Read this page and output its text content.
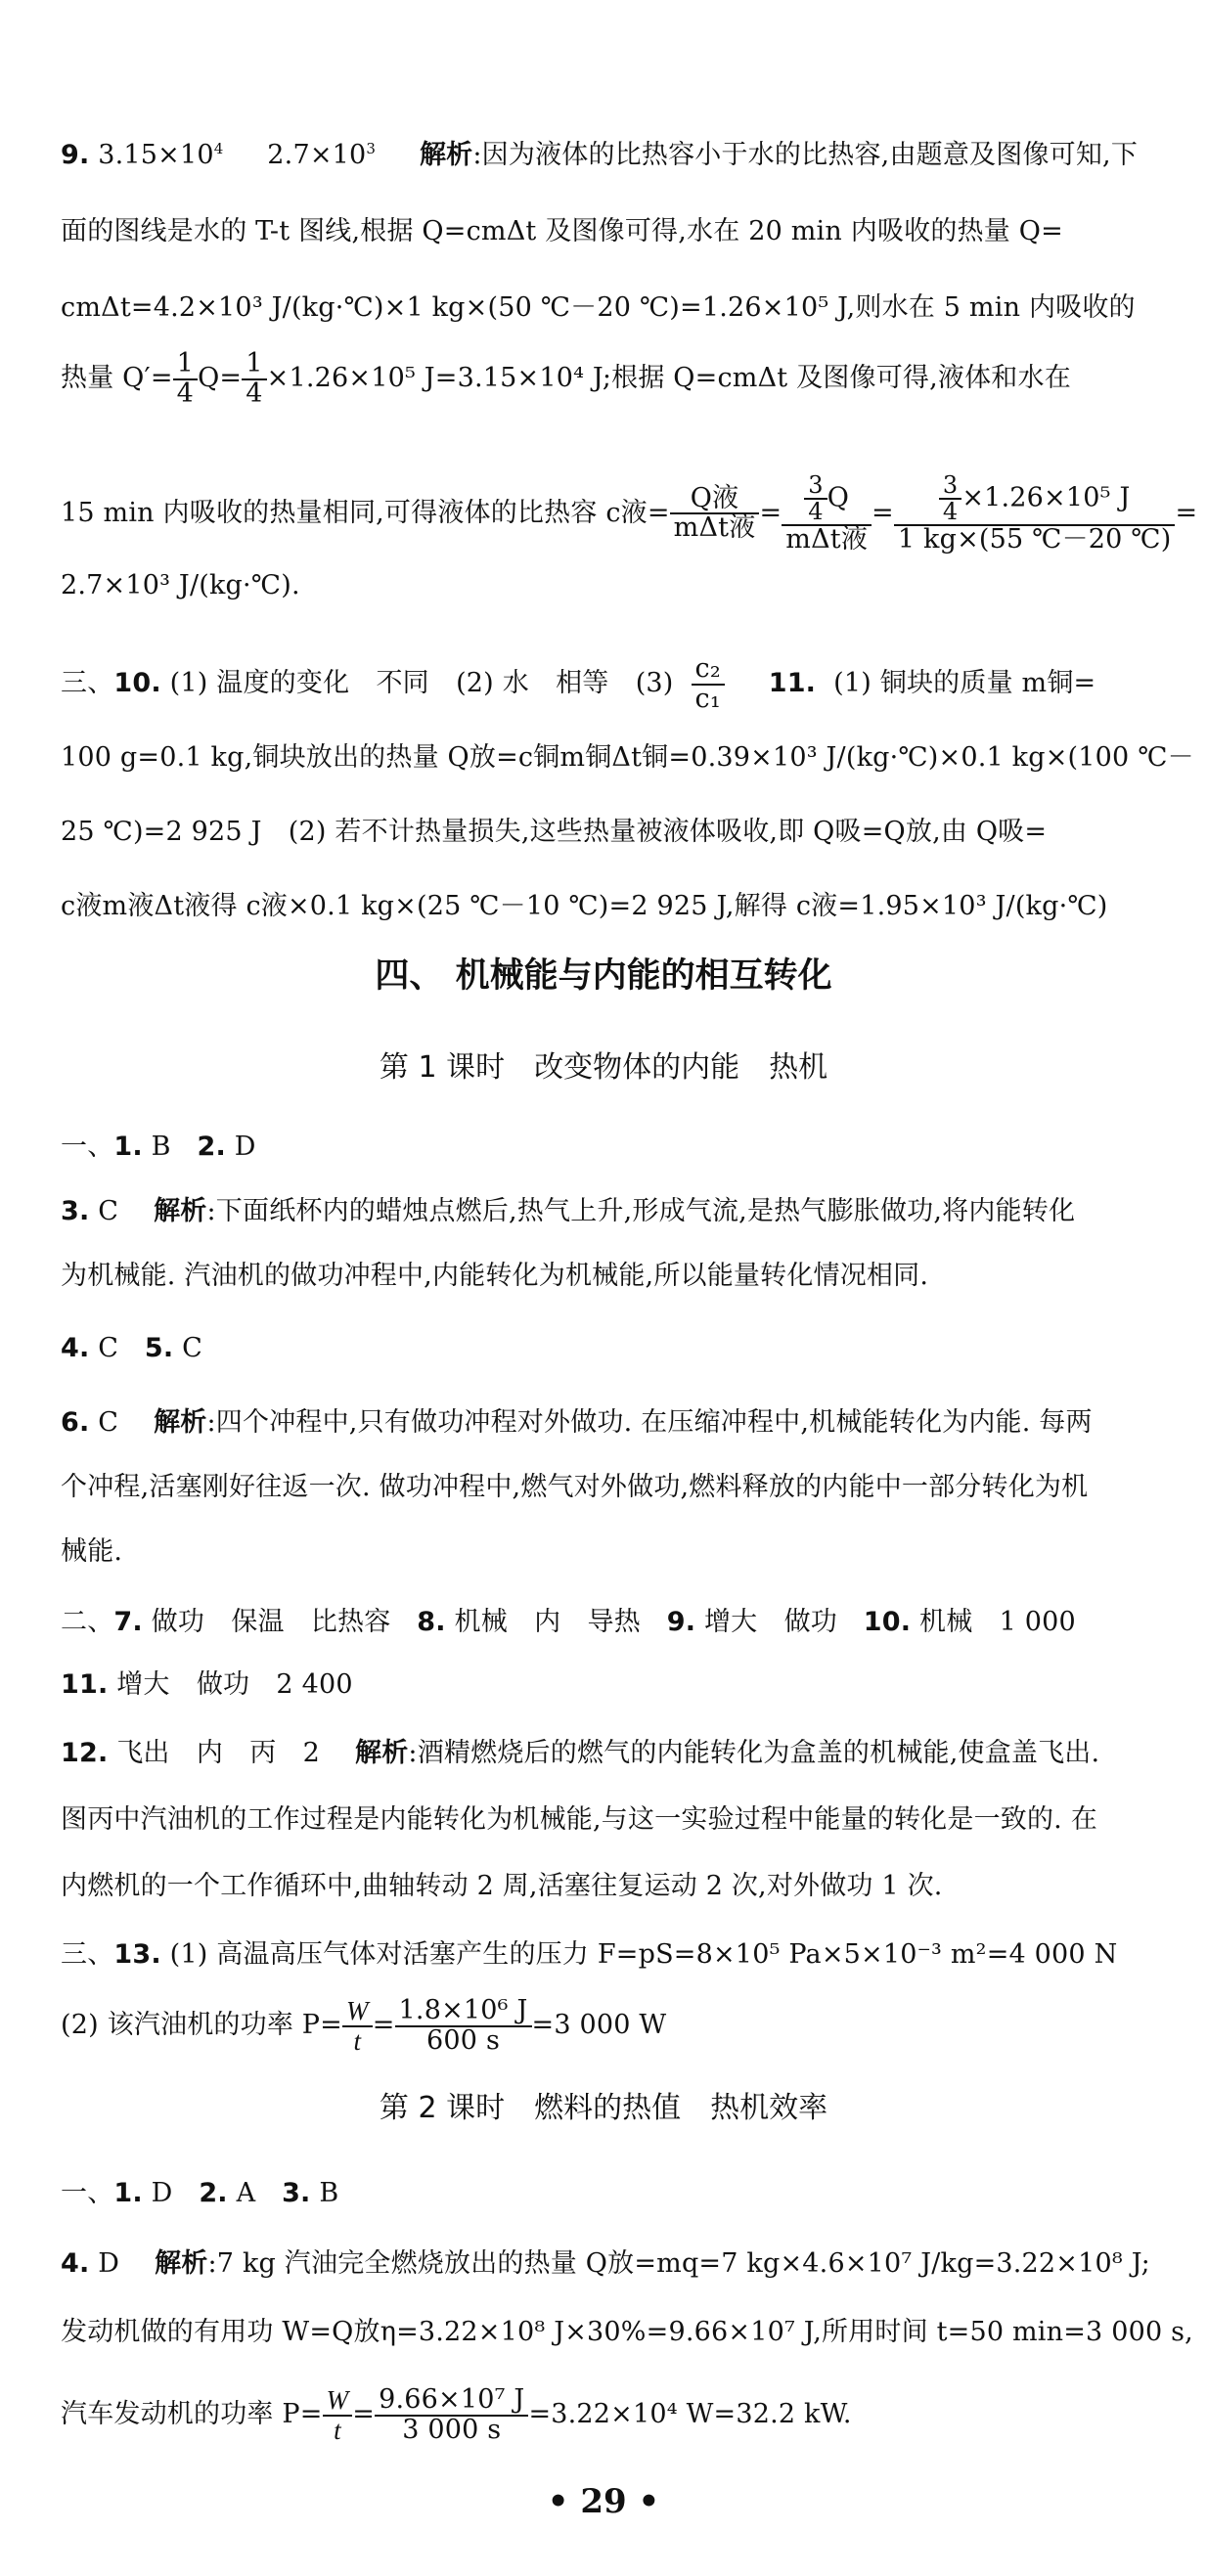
9. $3.15\times 10^4$ $2.7\times 10^3$ 解析:因为液体的比热容小于水的比热容,由题意及图像可知,下
面的图线是水的 T-t 图线,根据 Q=cmΔt 及图像可得,水在 20 min 内吸收的热量 Q=
cmΔt=4.2×10³ J/(kg·℃)×1 kg×(50 ℃－20 ℃)=1.26×10⁵ J,则水在 5 min 内吸收的
热量 $Q'= \frac{1}{4} Q= \frac{1}{4} \times 1.26\times 10^5$ J=3.15×10⁴ J;根据 Q=cmΔt 及图像可得,液体和水在
15 min 内吸收的热量相同,可得液体的比热容 c液= Q液
mΔt液 = $\frac{3}{4}$ Q
mΔt液
= $\frac{\frac{3}{4} \times 1.26\times 10^5 J}{1 kg\times(55 ℃-20 ℃)}$ =
2.7×10³ J/(kg·℃).
三、10. (1) 温度的变化　不同　(2) 水　相等　$(3) \frac{\text{c₂}}{\text{c₁}} 11$. (1) 铜块的质量 m铜=
100 g=0.1 kg,铜块放出的热量 Q放=c铜m铜Δt铜=0.39×10³ J/(kg·℃)×0.1 kg×(100 ℃－
25 ℃)=2 925 J　(2) 若不计热量损失,这些热量被液体吸收,即 Q吸=Q放,由 Q吸=
c液m液Δt液得 c液×0.1 kg×(25 ℃－10 ℃)=2 925 J,解得 c液=1.95×10³ J/(kg·℃)
四、 机械能与内能的相互转化
第 1 课时　改变物体的内能　热机
一、1. B 2. D
3. C 解析:下面纸杯内的蜡烛点燃后,热气上升,形成气流,是热气膨胀做功,将内能转化
为机械能. 汽油机的做功冲程中,内能转化为机械能,所以能量转化情况相同.
4. C 5. C
6. C 解析:四个冲程中,只有做功冲程对外做功. 在压缩冲程中,机械能转化为内能. 每两
个冲程,活塞刚好往返一次. 做功冲程中,燃气对外做功,燃料释放的内能中一部分转化为机
械能.
二、7. 做功　保温　比热容 8. 机械　内　导热 9. 增大　做功 10. 机械　1 000
11. 增大　做功　2 400
12. 飞出　内　丙　2 解析:酒精燃烧后的燃气的内能转化为盒盖的机械能,使盒盖飞出.
图丙中汽油机的工作过程是内能转化为机械能,与这一实验过程中能量的转化是一致的. 在
内燃机的一个工作循环中,曲轴转动 2 周,活塞往复运动 2 次,对外做功 1 次.
三、13. (1) 高温高压气体对活塞产生的压力 F=pS=8×10⁵ Pa×5×10⁻³ m²=4 000 N
(2) 该汽油机的功率 $P= \frac{W}{t} = \frac{\text{1.8×10⁶ J}}{600 s} =3$ 000 W
第 2 课时　燃料的热值　热机效率
一、1. D 2. A 3. B
4. D 解析:7 kg 汽油完全燃烧放出的热量 Q放=mq=7 kg×4.6×10⁷ J/kg=3.22×10⁸ J;
发动机做的有用功 W=Q放η=3.22×10⁸ J×30%=9.66×10⁷ J,所用时间 t=50 min=3 000 s,
汽车发动机的功率 $P= \frac{W}{t} = \frac{\text{9.66×10⁷ J}}{3 000 s} =3.22\times 10^4$ W=32.2 kW.
• 29 •
